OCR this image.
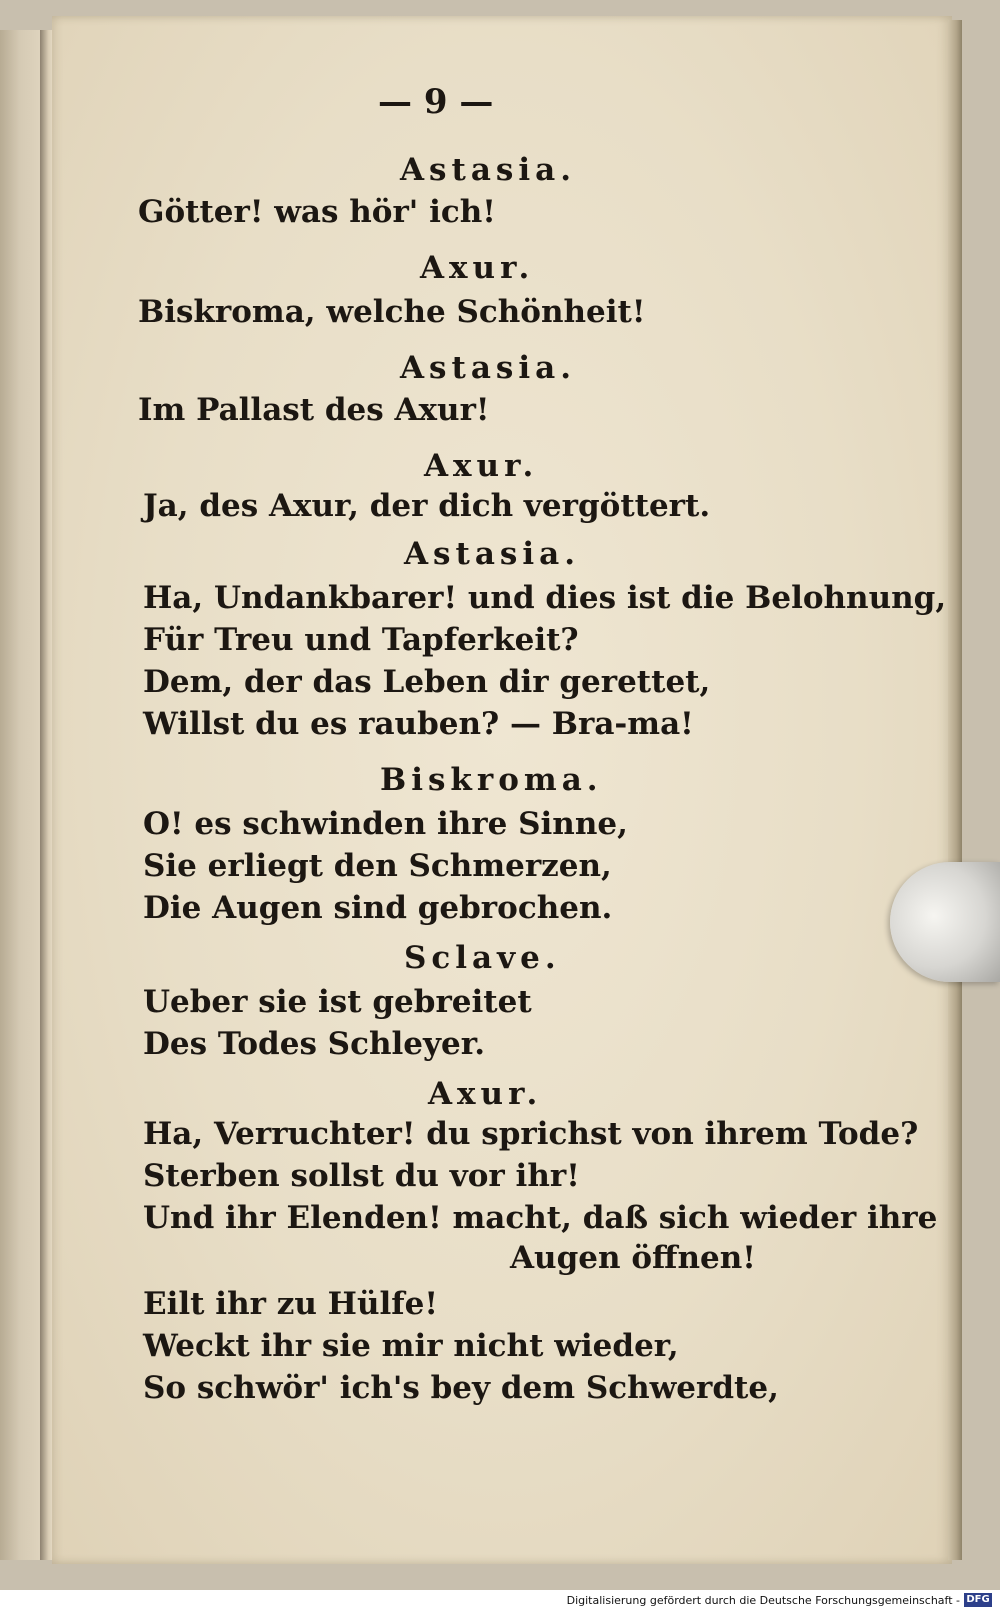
— 9 —
Astasia.
Götter! was hör' ich!
Axur.
Biskroma, welche Schönheit!
Astasia.
Im Pallast des Axur!
Axur.
Ja, des Axur, der dich vergöttert.
Astasia.
Ha, Undankbarer! und dies ist die Belohnung,
Für Treu und Tapferkeit?
Dem, der das Leben dir gerettet,
Willst du es rauben? — Bra-ma!
Biskroma.
O! es schwinden ihre Sinne,
Sie erliegt den Schmerzen,
Die Augen sind gebrochen.
Sclave.
Ueber sie ist gebreitet
Des Todes Schleyer.
Axur.
Ha, Verruchter! du sprichst von ihrem Tode?
Sterben sollst du vor ihr!
Und ihr Elenden! macht, daß sich wieder ihre
Augen öffnen!
Eilt ihr zu Hülfe!
Weckt ihr sie mir nicht wieder,
So schwör' ich's bey dem Schwerdte,
Digitalisierung gefördert durch die Deutsche Forschungsgemeinschaft - DFG
